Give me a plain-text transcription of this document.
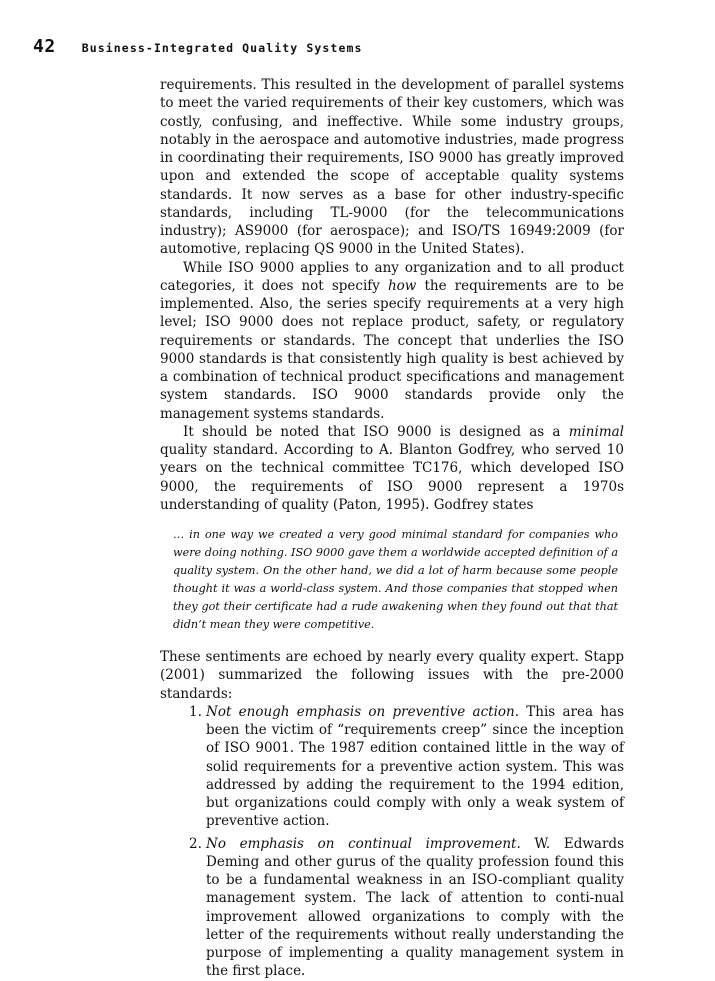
42 Business-Integrated Quality Systems

requirements. This resulted in the development of parallel systems to meet the varied requirements of their key customers, which was costly, confusing, and ineffective. While some industry groups, notably in the aerospace and automotive industries, made progress in coordinating their requirements, ISO 9000 has greatly improved upon and extended the scope of acceptable quality systems standards. It now serves as a base for other industry-specific standards, including TL-9000 (for the telecommunications industry); AS9000 (for aerospace); and ISO/TS 16949:2009 (for automotive, replacing QS 9000 in the United States).

While ISO 9000 applies to any organization and to all product categories, it does not specify how the requirements are to be implemented. Also, the series specify requirements at a very high level; ISO 9000 does not replace product, safety, or regulatory requirements or standards. The concept that underlies the ISO 9000 standards is that consistently high quality is best achieved by a combination of technical product specifications and management system standards. ISO 9000 standards provide only the management systems standards.

It should be noted that ISO 9000 is designed as a minimal quality standard. According to A. Blanton Godfrey, who served 10 years on the technical committee TC176, which developed ISO 9000, the requirements of ISO 9000 represent a 1970s understanding of quality (Paton, 1995). Godfrey states

… in one way we created a very good minimal standard for companies who were doing nothing. ISO 9000 gave them a worldwide accepted definition of a quality system. On the other hand, we did a lot of harm because some people thought it was a world-class system. And those companies that stopped when they got their certificate had a rude awakening when they found out that that didn’t mean they were competitive.

These sentiments are echoed by nearly every quality expert. Stapp (2001) summarized the following issues with the pre-2000 standards:

1. Not enough emphasis on preventive action. This area has been the victim of “requirements creep” since the inception of ISO 9001. The 1987 edition contained little in the way of solid requirements for a preventive action system. This was addressed by adding the requirement to the 1994 edition, but organizations could comply with only a weak system of preventive action.
2. No emphasis on continual improvement. W. Edwards Deming and other gurus of the quality profession found this to be a fundamental weakness in an ISO-compliant quality management system. The lack of attention to conti-nual improvement allowed organizations to comply with the letter of the requirements without really understanding the purpose of implementing a quality management system in the first place.
